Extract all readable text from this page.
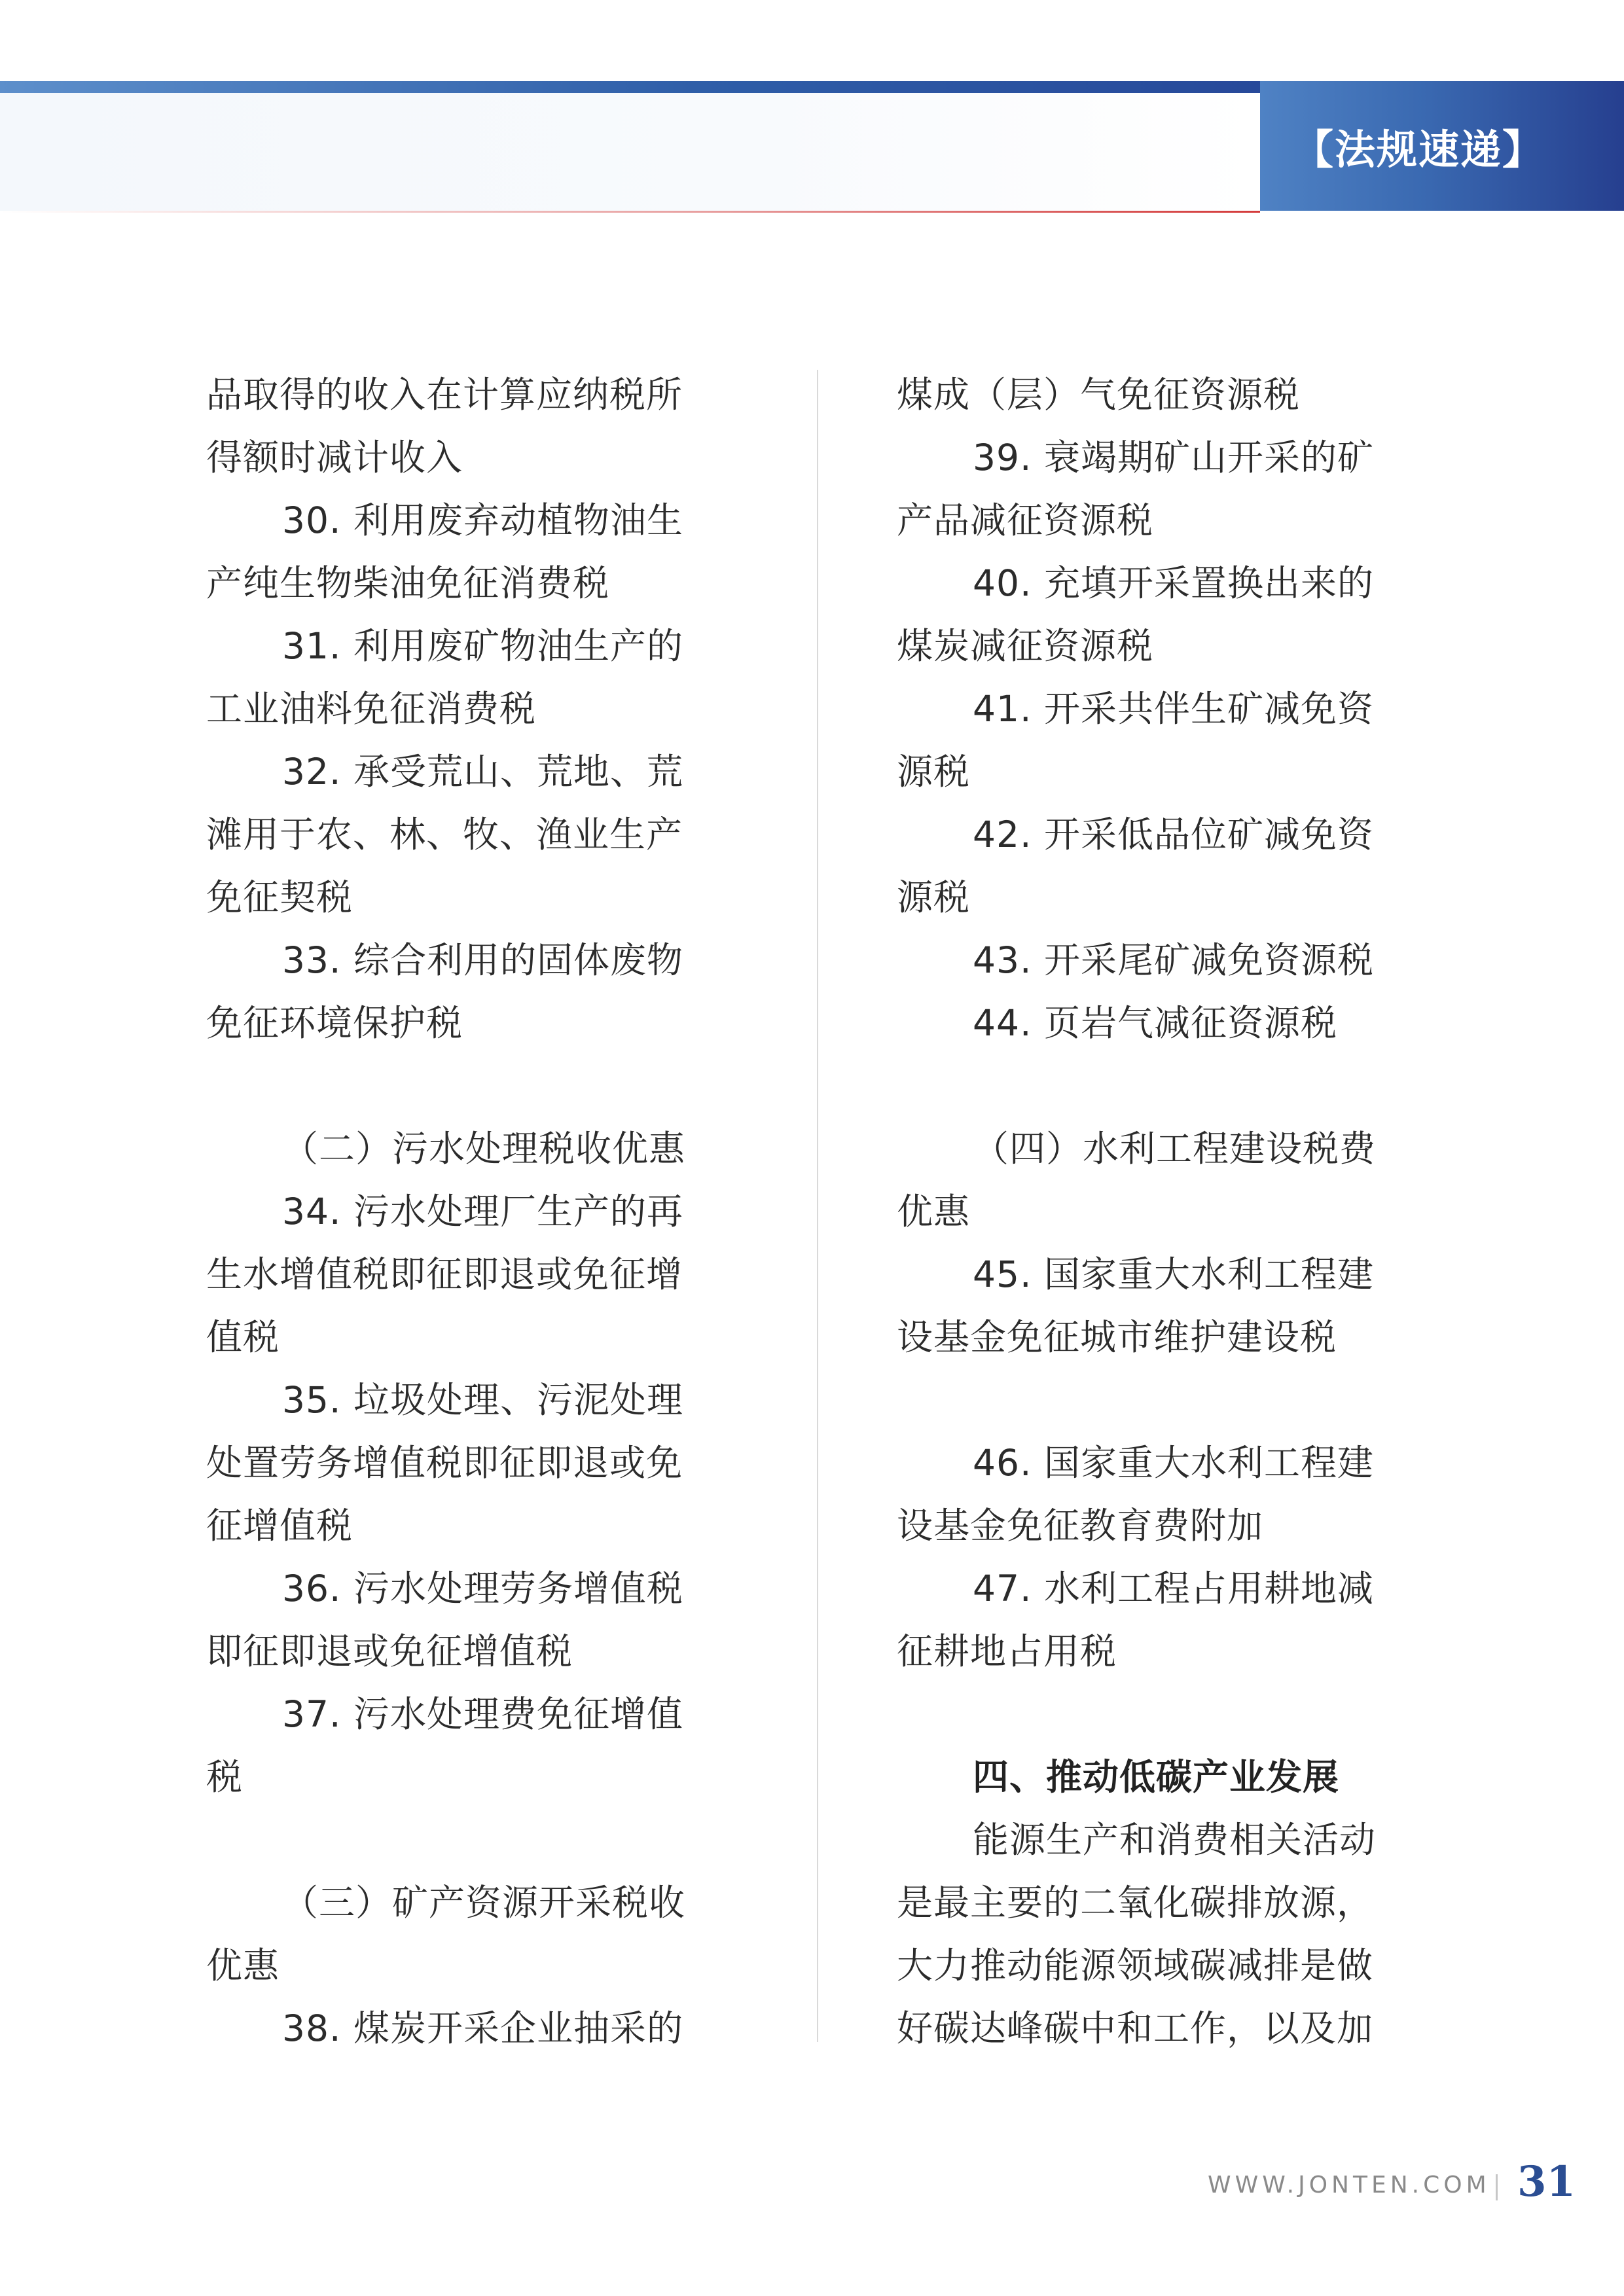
【法规速递】

品取得的收入在计算应纳税所

得额时减计收入

30. 利用废弃动植物油生

产纯生物柴油免征消费税

31. 利用废矿物油生产的

工业油料免征消费税

32. 承受荒山、荒地、荒

滩用于农、林、牧、渔业生产

免征契税

33. 综合利用的固体废物

免征环境保护税

（二）污水处理税收优惠

34. 污水处理厂生产的再

生水增值税即征即退或免征增

值税

35. 垃圾处理、污泥处理

处置劳务增值税即征即退或免

征增值税

36. 污水处理劳务增值税

即征即退或免征增值税

37. 污水处理费免征增值

税

（三）矿产资源开采税收

优惠

38. 煤炭开采企业抽采的

煤成（层）气免征资源税

39. 衰竭期矿山开采的矿

产品减征资源税

40. 充填开采置换出来的

煤炭减征资源税

41. 开采共伴生矿减免资

源税

42. 开采低品位矿减免资

源税

43. 开采尾矿减免资源税

44. 页岩气减征资源税

（四）水利工程建设税费

优惠

45. 国家重大水利工程建

设基金免征城市维护建设税

46. 国家重大水利工程建

设基金免征教育费附加

47. 水利工程占用耕地减

征耕地占用税

四、推动低碳产业发展

能源生产和消费相关活动

是最主要的二氧化碳排放源，

大力推动能源领域碳减排是做

好碳达峰碳中和工作，以及加

WWW.JONTEN.COM 31
